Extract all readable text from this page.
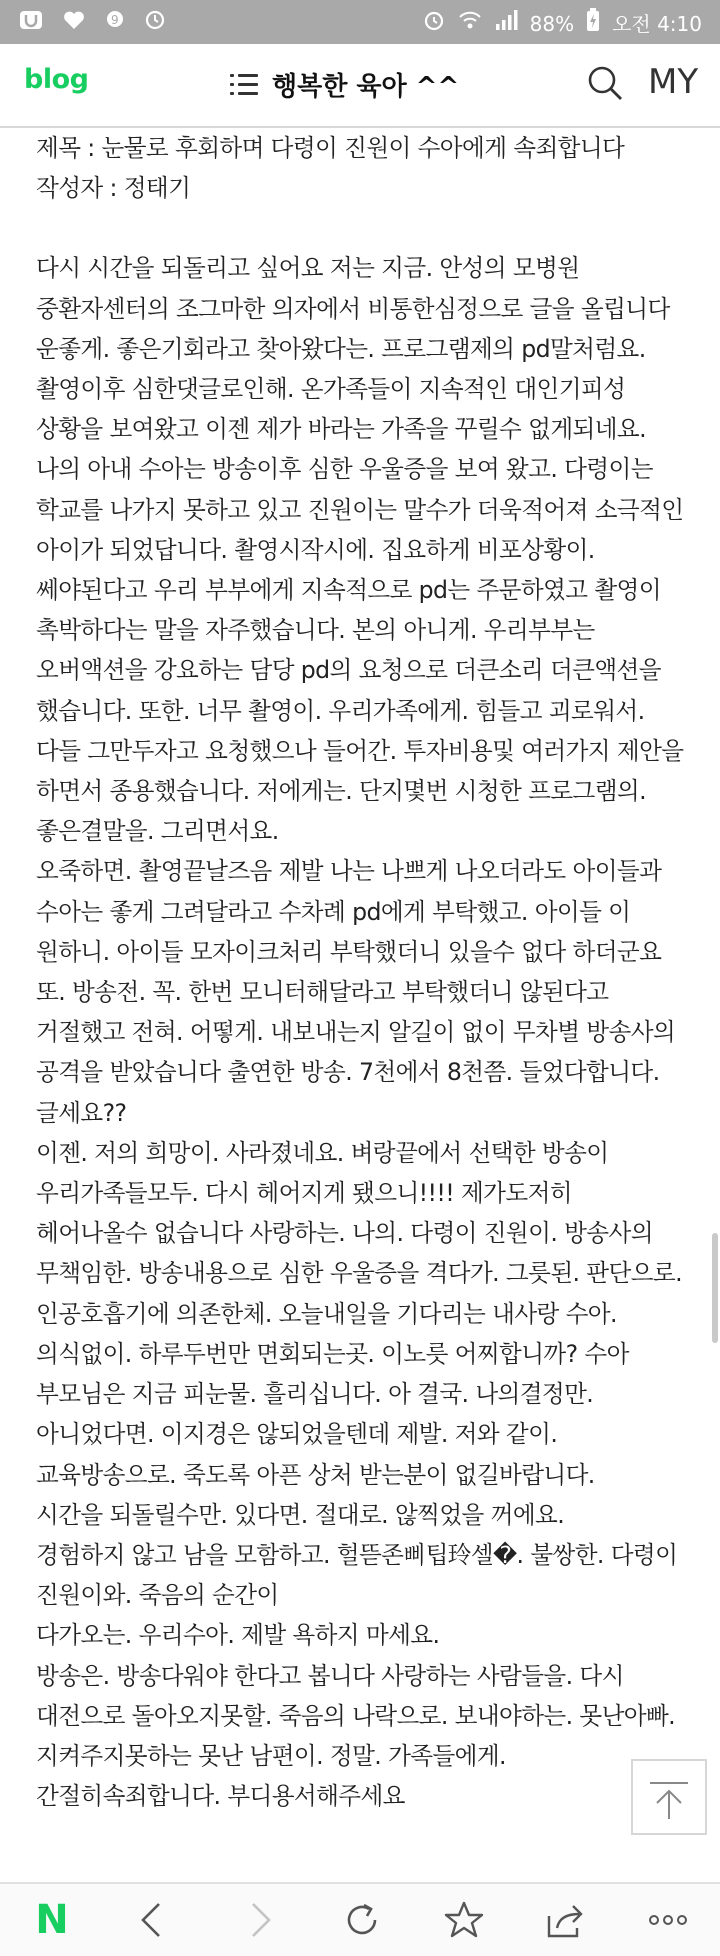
9	88% 오전 4:10
blog	행복한 육아 ^^	MY

제목 : 눈물로 후회하며 다령이 진원이 수아에게 속죄합니다

작성자 : 정태기

다시 시간을 되돌리고 싶어요 저는 지금. 안성의 모병원 중환자센터의 조그마한 의자에서 비통한심정으로 글을 올립니다 운좋게. 좋은기회라고 찾아왔다는. 프로그램제의 pd말처럼요. 촬영이후 심한댓글로인해. 온가족들이 지속적인 대인기피성 상황을 보여왔고 이젠 제가 바라는 가족을 꾸릴수 없게되네요. 나의 아내 수아는 방송이후 심한 우울증을 보여 왔고. 다령이는 학교를 나가지 못하고 있고 진원이는 말수가 더욱적어져 소극적인 아이가 되었답니다. 촬영시작시에. 집요하게 비포상황이. 쎄야된다고 우리 부부에게 지속적으로 pd는 주문하였고 촬영이 촉박하다는 말을 자주했습니다. 본의 아니게. 우리부부는 오버액션을 강요하는 담당 pd의 요청으로 더큰소리 더큰액션을 했습니다. 또한. 너무 촬영이. 우리가족에게. 힘들고 괴로워서. 다들 그만두자고 요청했으나 들어간. 투자비용및 여러가지 제안을 하면서 종용했습니다. 저에게는. 단지몇번 시청한 프로그램의. 좋은결말을. 그리면서요.

오죽하면. 촬영끝날즈음 제발 나는 나쁘게 나오더라도 아이들과 수아는 좋게 그려달라고 수차례 pd에게 부탁했고. 아이들 이 원하니. 아이들 모자이크처리 부탁했더니 있을수 없다 하더군요 또. 방송전. 꼭. 한번 모니터해달라고 부탁했더니 않된다고 거절했고 전혀. 어떻게. 내보내는지 알길이 없이 무차별 방송사의 공격을 받았습니다 출연한 방송. 7천에서 8천쯤. 들었다합니다. 글세요??

이젠. 저의 희망이. 사라졌네요. 벼랑끝에서 선택한 방송이 우리가족들모두. 다시 헤어지게 됐으니!!!! 제가도저히 헤어나올수 없습니다 사랑하는. 나의. 다령이 진원이. 방송사의 무책임한. 방송내용으로 심한 우울증을 격다가. 그릇된. 판단으로. 인공호흡기에 의존한체. 오늘내일을 기다리는 내사랑 수아. 의식없이. 하루두번만 면회되는곳. 이노릇 어찌합니까? 수아 부모님은 지금 피눈물. 흘리십니다. 아 결국. 나의결정만. 아니었다면. 이지경은 않되었을텐데 제발. 저와 같이. 교육방송으로. 죽도록 아픈 상처 받는분이 없길바랍니다.

시간을 되돌릴수만. 있다면. 절대로. 않찍었을 꺼에요.

경험하지 않고 남을 모함하고. 헐뜯존삐팁玲셀�. 불쌍한. 다령이 진원이와. 죽음의 순간이

다가오는. 우리수아. 제발 욕하지 마세요.

방송은. 방송다워야 한다고 봅니다 사랑하는 사람들을. 다시 대전으로 돌아오지못할. 죽음의 나락으로. 보내야하는. 못난아빠. 지켜주지못하는 못난 남편이. 정말. 가족들에게. 간절히속죄합니다. 부디용서해주세요

N
